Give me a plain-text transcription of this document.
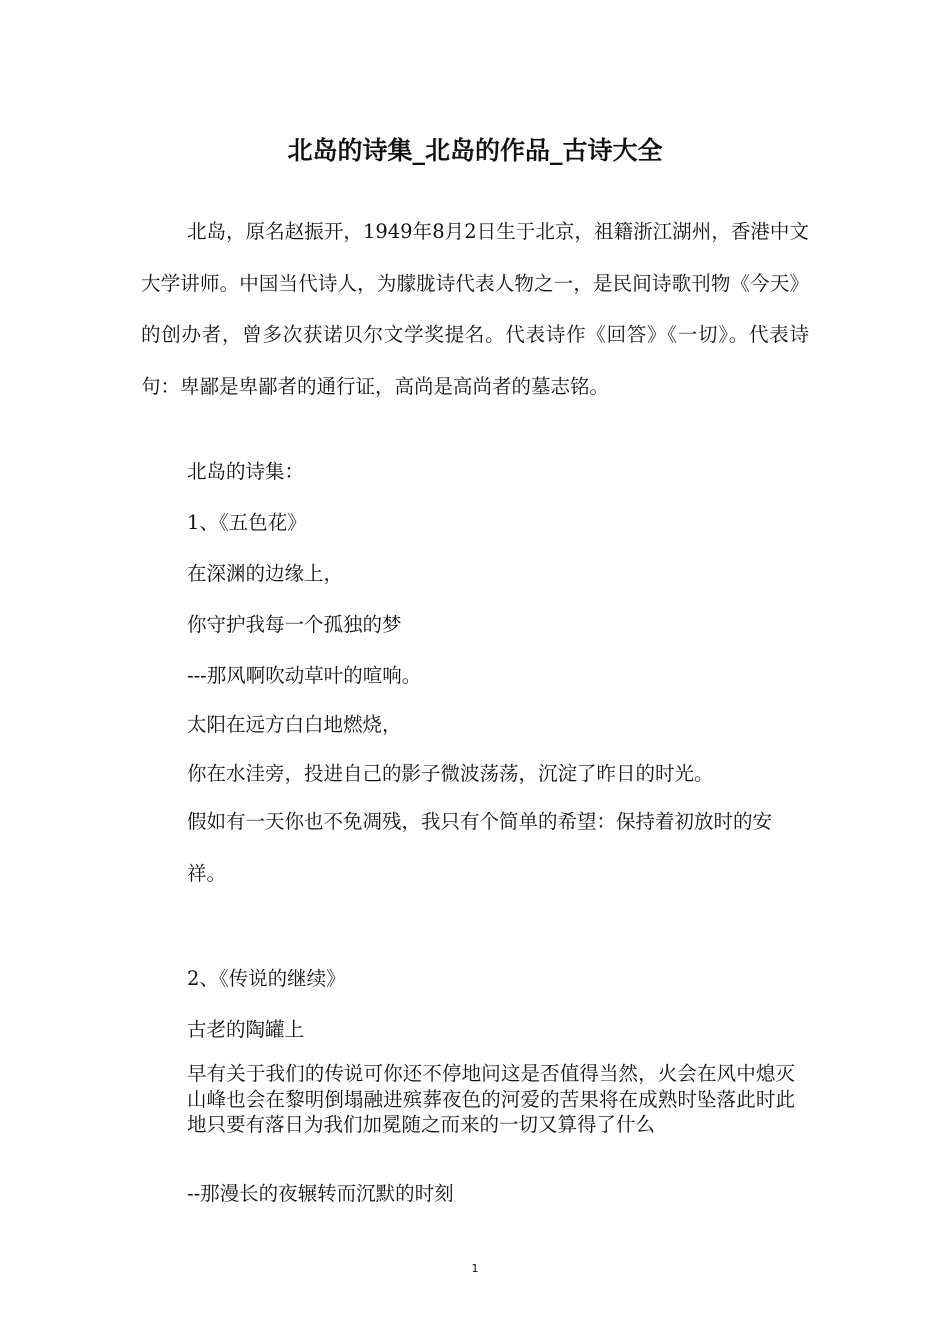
北岛的诗集_北岛的作品_古诗大全

北岛，原名赵振开，1949年8月2日生于北京，祖籍浙江湖州，香港中文大学讲师。中国当代诗人，为朦胧诗代表人物之一，是民间诗歌刊物《今天》的创办者，曾多次获诺贝尔文学奖提名。代表诗作《回答》《一切》。代表诗句：卑鄙是卑鄙者的通行证，高尚是高尚者的墓志铭。

北岛的诗集：

1、《五色花》

在深渊的边缘上，

你守护我每一个孤独的梦

---那风啊吹动草叶的喧响。

太阳在远方白白地燃烧，

你在水洼旁，投进自己的影子微波荡荡，沉淀了昨日的时光。

假如有一天你也不免凋残，我只有个简单的希望：保持着初放时的安祥。

2、《传说的继续》

古老的陶罐上

早有关于我们的传说可你还不停地问这是否值得当然，火会在风中熄灭山峰也会在黎明倒塌融进殡葬夜色的河爱的苦果将在成熟时坠落此时此地只要有落日为我们加冕随之而来的一切又算得了什么

--那漫长的夜辗转而沉默的时刻

1
